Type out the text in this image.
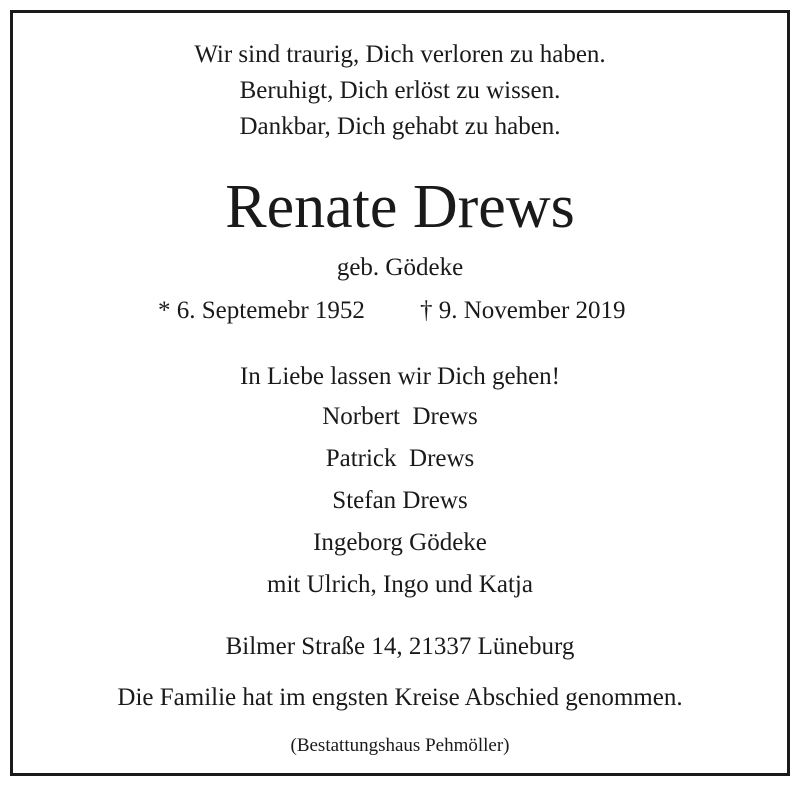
Wir sind traurig, Dich verloren zu haben.
Beruhigt, Dich erlöst zu wissen.
Dankbar, Dich gehabt zu haben.
Renate Drews
geb. Gödeke
* 6. Septemebr 1952 † 9. November 2019
In Liebe lassen wir Dich gehen!
Norbert  Drews
Patrick  Drews
Stefan Drews
Ingeborg Gödeke
mit Ulrich, Ingo und Katja
Bilmer Straße 14, 21337 Lüneburg
Die Familie hat im engsten Kreise Abschied genommen.
(Bestattungshaus Pehmöller)
